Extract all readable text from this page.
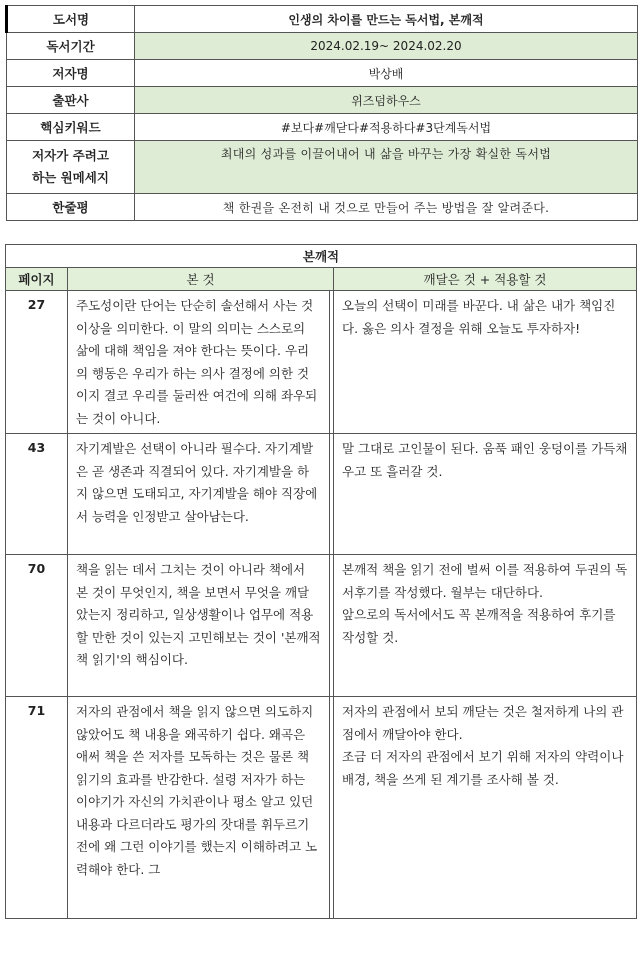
도서명	인생의 차이를 만드는 독서법, 본깨적
독서기간	2024.02.19~ 2024.02.20
저자명	박상배
출판사	위즈덤하우스
핵심키워드	#보다#깨닫다#적용하다#3단계독서법

저자가 주려고
하는 원메세지	최대의 성과를 이끌어내어 내 삶을 바꾸는 가장 확실한 독서법
한줄평	책 한권을 온전히 내 것으로 만들어 주는 방법을 잘 알려준다.
본깨적			
페이지	본 것		깨달은 것 + 적용할 것
27	주도성이란 단어는 단순히 솔선해서 사는 것 이상을 의미한다. 이 말의 의미는 스스로의 삶에 대해 책임을 져야 한다는 뜻이다. 우리의 행동은 우리가 하는 의사 결정에 의한 것이지 결코 우리를 둘러싼 여건에 의해 좌우되는 것이 아니다.		오늘의 선택이 미래를 바꾼다. 내 삶은 내가 책임진다. 옳은 의사 결정을 위해 오늘도 투자하자!
43	자기계발은 선택이 아니라 필수다. 자기계발은 곧 생존과 직결되어 있다. 자기계발을 하지 않으면 도태되고, 자기계발을 해야 직장에서 능력을 인정받고 살아남는다.		말 그대로 고인물이 된다. 움푹 패인 웅덩이를 가득채우고 또 흘러갈 것.
70	책을 읽는 데서 그치는 것이 아니라 책에서 본 것이 무엇인지, 책을 보면서 무엇을 깨달았는지 정리하고, 일상생활이나 업무에 적용할 만한 것이 있는지 고민해보는 것이 '본깨적 책 읽기'의 핵심이다.		본깨적 책을 읽기 전에 벌써 이를 적용하여 두권의 독서후기를 작성했다. 월부는 대단하다.
앞으로의 독서에서도 꼭 본깨적을 적용하여 후기를 작성할 것.

71	저자의 관점에서 책을 읽지 않으면 의도하지 않았어도 책 내용을 왜곡하기 쉽다. 왜곡은 애써 책을 쓴 저자를 모독하는 것은 물론 책 읽기의 효과를 반감한다. 설령 저자가 하는 이야기가 자신의 가치관이나 평소 알고 있던 내용과 다르더라도 평가의 잣대를 휘두르기 전에 왜 그런 이야기를 했는지 이해하려고 노력해야 한다. 그		저자의 관점에서 보되 깨닫는 것은 철저하게 나의 관점에서 깨달아야 한다.
조금 더 저자의 관점에서 보기 위해 저자의 약력이나 배경, 책을 쓰게 된 계기를 조사해 볼 것.
